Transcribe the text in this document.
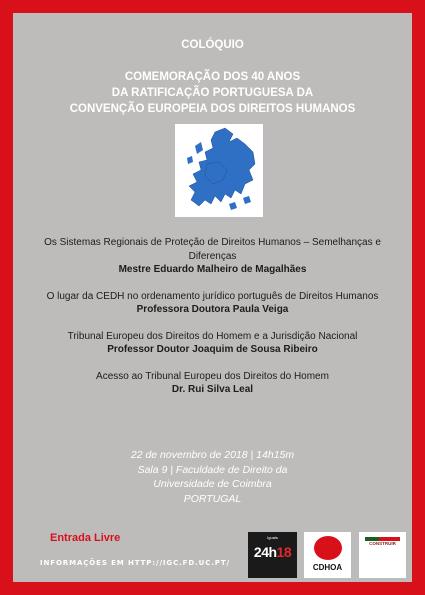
COLÓQUIO
COMEMORAÇÃO DOS 40 ANOS
DA RATIFICAÇÃO PORTUGUESA DA
CONVENÇÃO EUROPEIA DOS DIREITOS HUMANOS
Os Sistemas Regionais de Proteção de Direitos Humanos – Semelhanças e Diferenças
Mestre Eduardo Malheiro de Magalhães
O lugar da CEDH no ordenamento jurídico português de Direitos Humanos
Professora Doutora Paula Veiga
Tribunal Europeu dos Direitos do Homem e a Jurisdição Nacional
Professor Doutor Joaquim de Sousa Ribeiro
Acesso ao Tribunal Europeu dos Direitos do Homem
Dr. Rui Silva Leal
22 de novembro de 2018 | 14h15m
Sala 9 | Faculdade de Direito da
Universidade de Coimbra
PORTUGAL
Entrada Livre
INFORMAÇÕES EM HTTP://IGC.FD.UC.PT/
Iguais
24h18
CDHOA
CONSTRUIR
